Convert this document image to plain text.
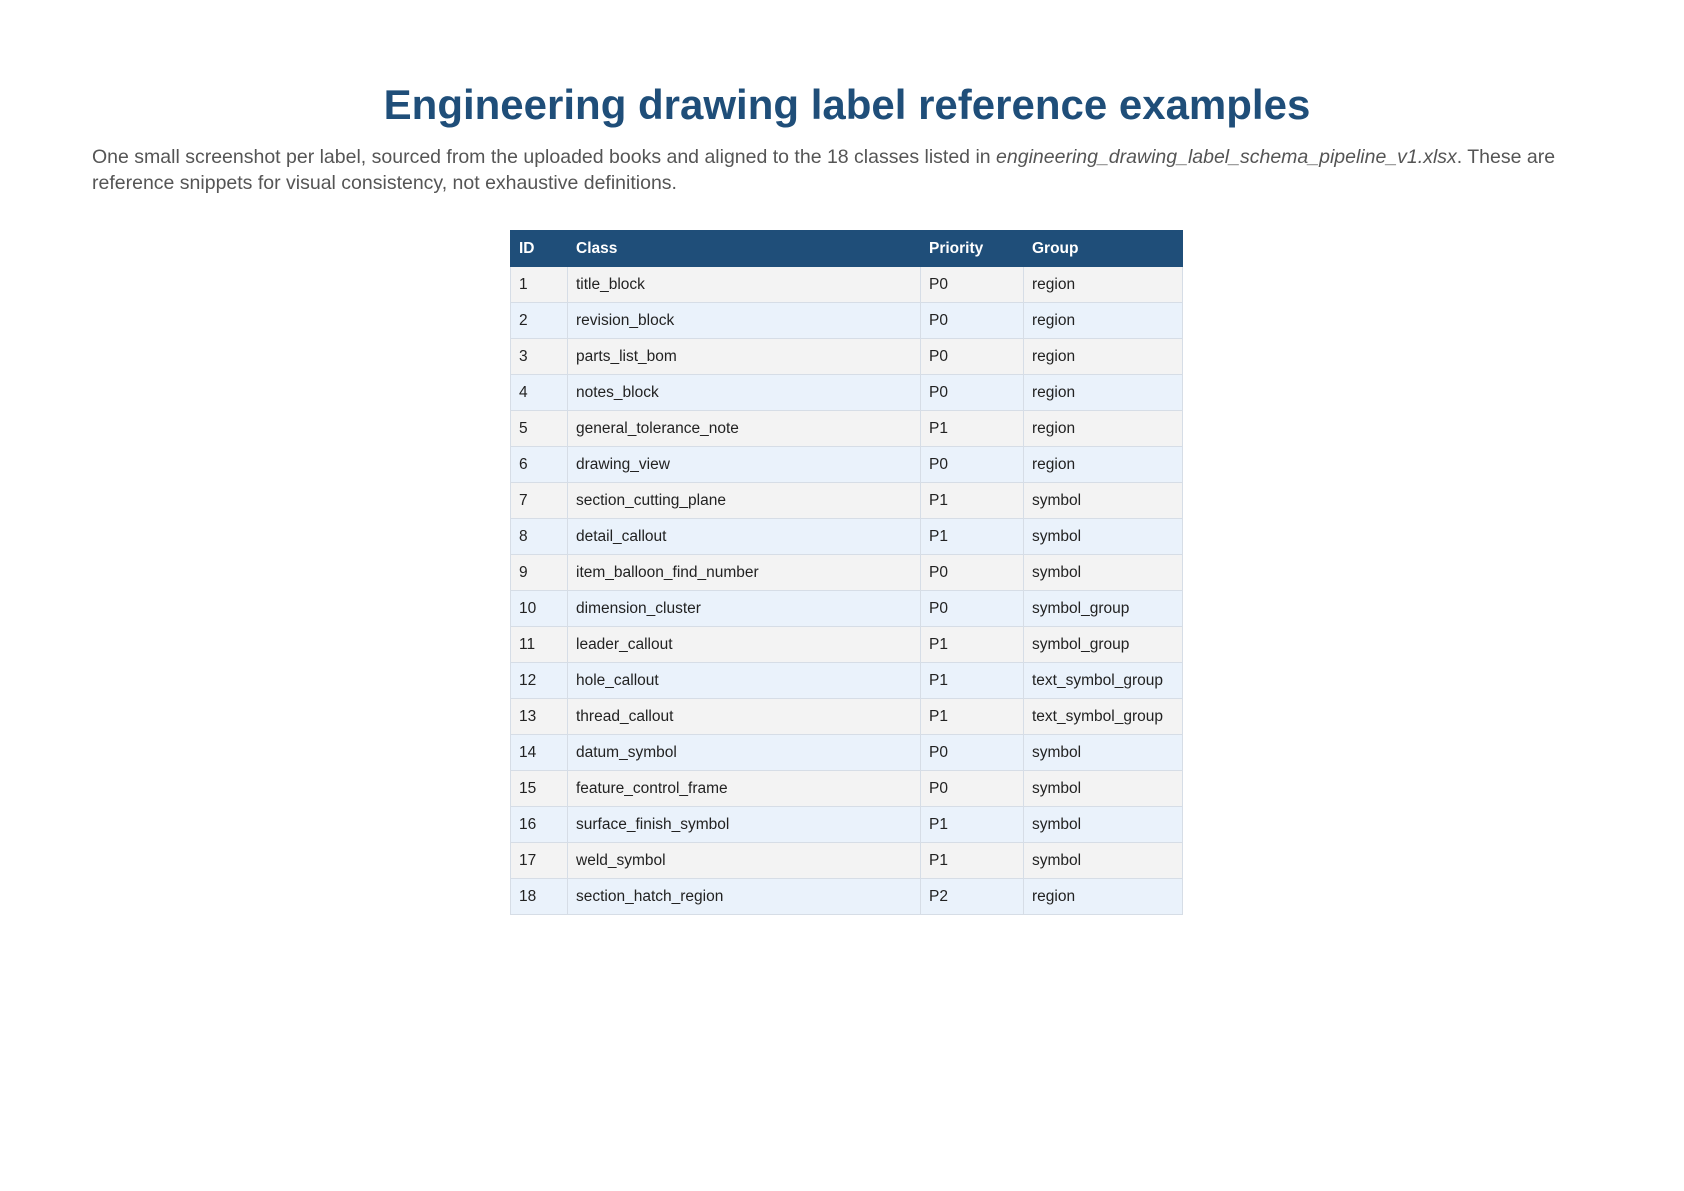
Engineering drawing label reference examples

One small screenshot per label, sourced from the uploaded books and aligned to the 18 classes listed in engineering_drawing_label_schema_pipeline_v1.xlsx. These are reference snippets for visual consistency, not exhaustive definitions.

ID	Class	Priority	Group
1	title_block	P0	region
2	revision_block	P0	region
3	parts_list_bom	P0	region
4	notes_block	P0	region
5	general_tolerance_note	P1	region
6	drawing_view	P0	region
7	section_cutting_plane	P1	symbol
8	detail_callout	P1	symbol
9	item_balloon_find_number	P0	symbol
10	dimension_cluster	P0	symbol_group
11	leader_callout	P1	symbol_group
12	hole_callout	P1	text_symbol_group
13	thread_callout	P1	text_symbol_group
14	datum_symbol	P0	symbol
15	feature_control_frame	P0	symbol
16	surface_finish_symbol	P1	symbol
17	weld_symbol	P1	symbol
18	section_hatch_region	P2	region
